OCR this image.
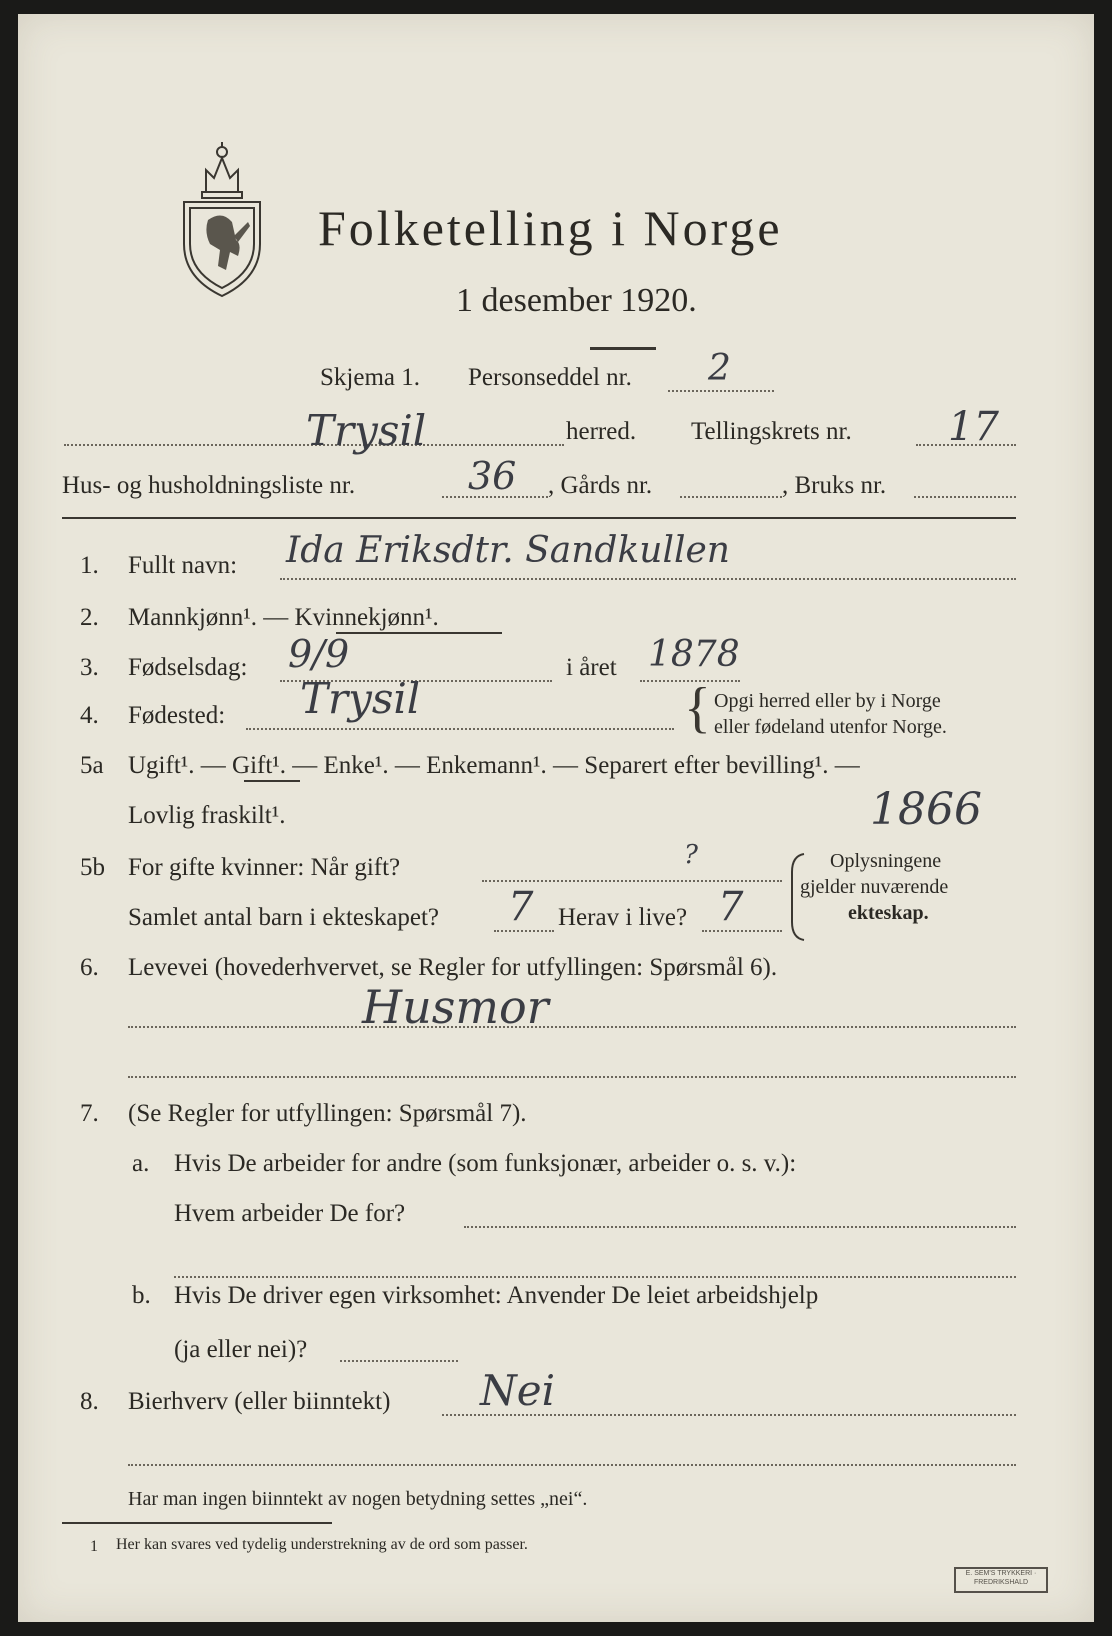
Folketelling i Norge
1 desember 1920.
Skjema 1. Personseddel nr. 2
Trysil	herred. Tellingskrets nr. 17
Hus- og husholdningsliste nr.	36 , Gårds nr.	, Bruks nr.
1. Fullt navn: Ida Eriksdtr. Sandkullen
2. Mannkjønn¹. — Kvinnekjønn¹.
3. Fødselsdag: 9/9	i året 1878
4. Fødested: Trysil	{ Opgi herred eller by i Norge
eller fødeland utenfor Norge.
5a Ugift¹. — Gift¹. — Enke¹. — Enkemann¹. — Separert efter bevilling¹. —
Lovlig fraskilt¹.	1866
5b For gifte kvinner: Når gift?	?
Samlet antal barn i ekteskapet? 7 Herav i live? 7
Oplysningene
gjelder nuværende
ekteskap.
6. Levevei (hovederhvervet, se Regler for utfyllingen: Spørsmål 6).
Husmor
7. (Se Regler for utfyllingen: Spørsmål 7).
a. Hvis De arbeider for andre (som funksjonær, arbeider o. s. v.):
Hvem arbeider De for?
b. Hvis De driver egen virksomhet: Anvender De leiet arbeidshjelp
(ja eller nei)?
8. Bierhverv (eller biinntekt) Nei
Har man ingen biinntekt av nogen betydning settes „nei“.
1 Her kan svares ved tydelig understrekning av de ord som passer.
E. SEM'S TRYKKERI · FREDRIKSHALD
